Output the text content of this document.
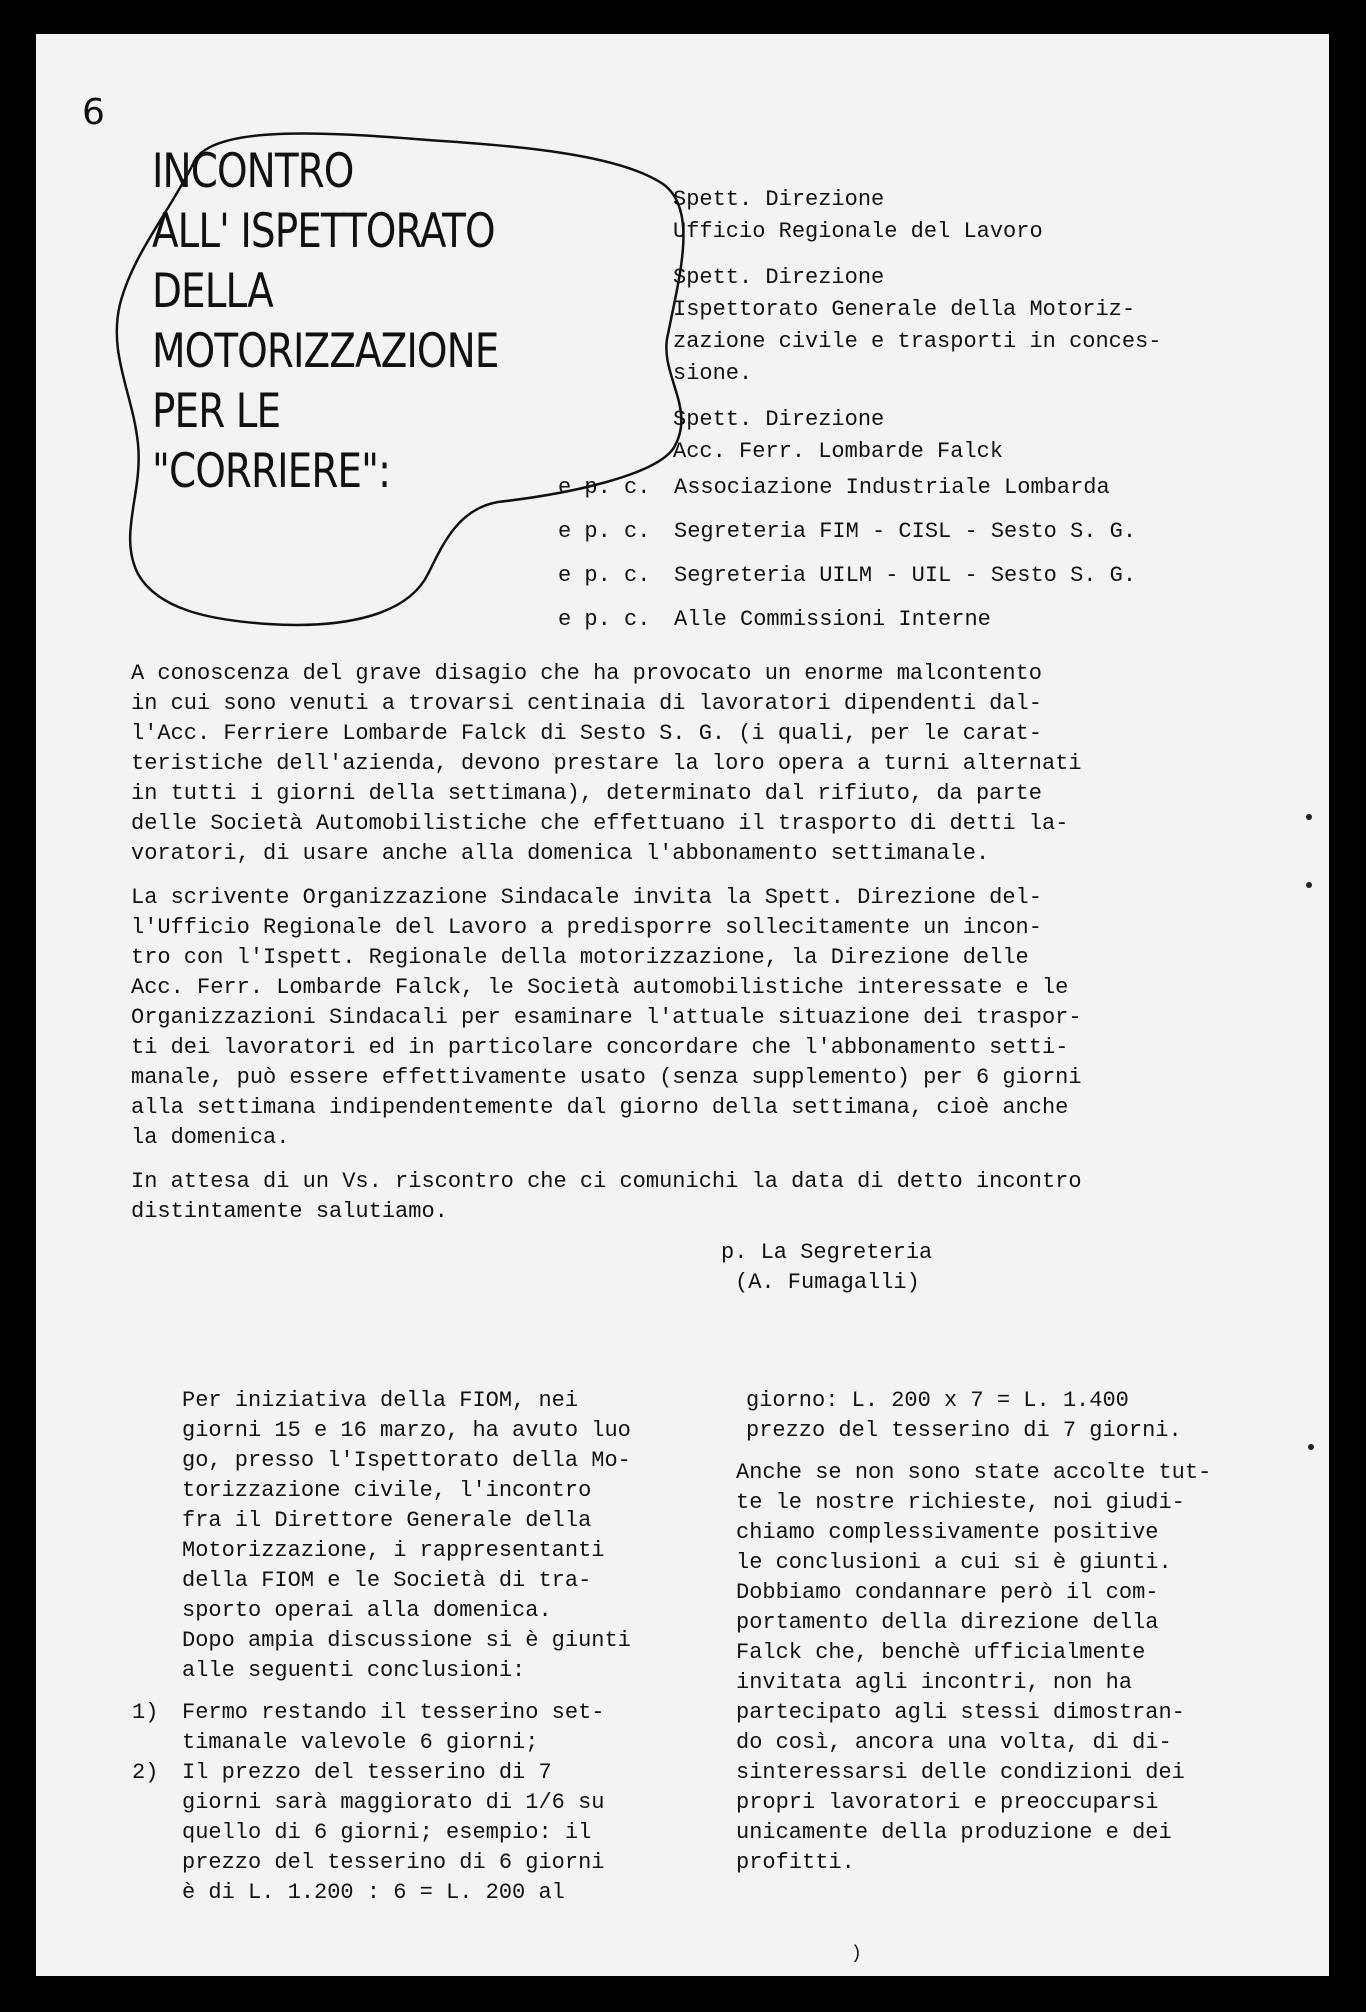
6
INCONTRO
ALL' ISPETTORATO
DELLA
MOTORIZZAZIONE
PER LE
"CORRIERE":
Spett. Direzione
Ufficio Regionale del Lavoro
Spett. Direzione
Ispettorato Generale della Motoriz-
zazione civile e trasporti in conces-
sione.
Spett. Direzione
Acc. Ferr. Lombarde Falck
e p. c. Associazione Industriale Lombarda
e p. c. Segreteria FIM - CISL - Sesto S. G.
e p. c. Segreteria UILM - UIL - Sesto S. G.
e p. c. Alle Commissioni Interne

A conoscenza del grave disagio che ha provocato un enorme malcontento
in cui sono venuti a trovarsi centinaia di lavoratori dipendenti dal-
l'Acc. Ferriere Lombarde Falck di Sesto S. G. (i quali, per le carat-
teristiche dell'azienda, devono prestare la loro opera a turni alternati
in tutti i giorni della settimana), determinato dal rifiuto, da parte
delle Società Automobilistiche che effettuano il trasporto di detti la-
voratori, di usare anche alla domenica l'abbonamento settimanale.

La scrivente Organizzazione Sindacale invita la Spett. Direzione del-
l'Ufficio Regionale del Lavoro a predisporre sollecitamente un incon-
tro con l'Ispett. Regionale della motorizzazione, la Direzione delle
Acc. Ferr. Lombarde Falck, le Società automobilistiche interessate e le
Organizzazioni Sindacali per esaminare l'attuale situazione dei traspor-
ti dei lavoratori ed in particolare concordare che l'abbonamento setti-
manale, può essere effettivamente usato (senza supplemento) per 6 giorni
alla settimana indipendentemente dal giorno della settimana, cioè anche
la domenica.

In attesa di un Vs. riscontro che ci comunichi la data di detto incontro
distintamente salutiamo.

p. La Segreteria
(A. Fumagalli)
Per iniziativa della FIOM, nei
giorni 15 e 16 marzo, ha avuto luo
go, presso l'Ispettorato della Mo-
torizzazione civile, l'incontro
fra il Direttore Generale della
Motorizzazione, i rappresentanti
della FIOM e le Società di tra-
sporto operai alla domenica.
Dopo ampia discussione si è giunti
alle seguenti conclusioni:
1) Fermo restando il tesserino set-
timanale valevole 6 giorni;
2) Il prezzo del tesserino di 7
giorni sarà maggiorato di 1/6 su
quello di 6 giorni; esempio: il
prezzo del tesserino di 6 giorni
è di L. 1.200 : 6 = L. 200 al
giorno: L. 200 x 7 = L. 1.400
prezzo del tesserino di 7 giorni.
Anche se non sono state accolte tut-
te le nostre richieste, noi giudi-
chiamo complessivamente positive
le conclusioni a cui si è giunti.
Dobbiamo condannare però il com-
portamento della direzione della
Falck che, benchè ufficialmente
invitata agli incontri, non ha
partecipato agli stessi dimostran-
do così, ancora una volta, di di-
sinteressarsi delle condizioni dei
propri lavoratori e preoccuparsi
unicamente della produzione e dei
profitti.
)
